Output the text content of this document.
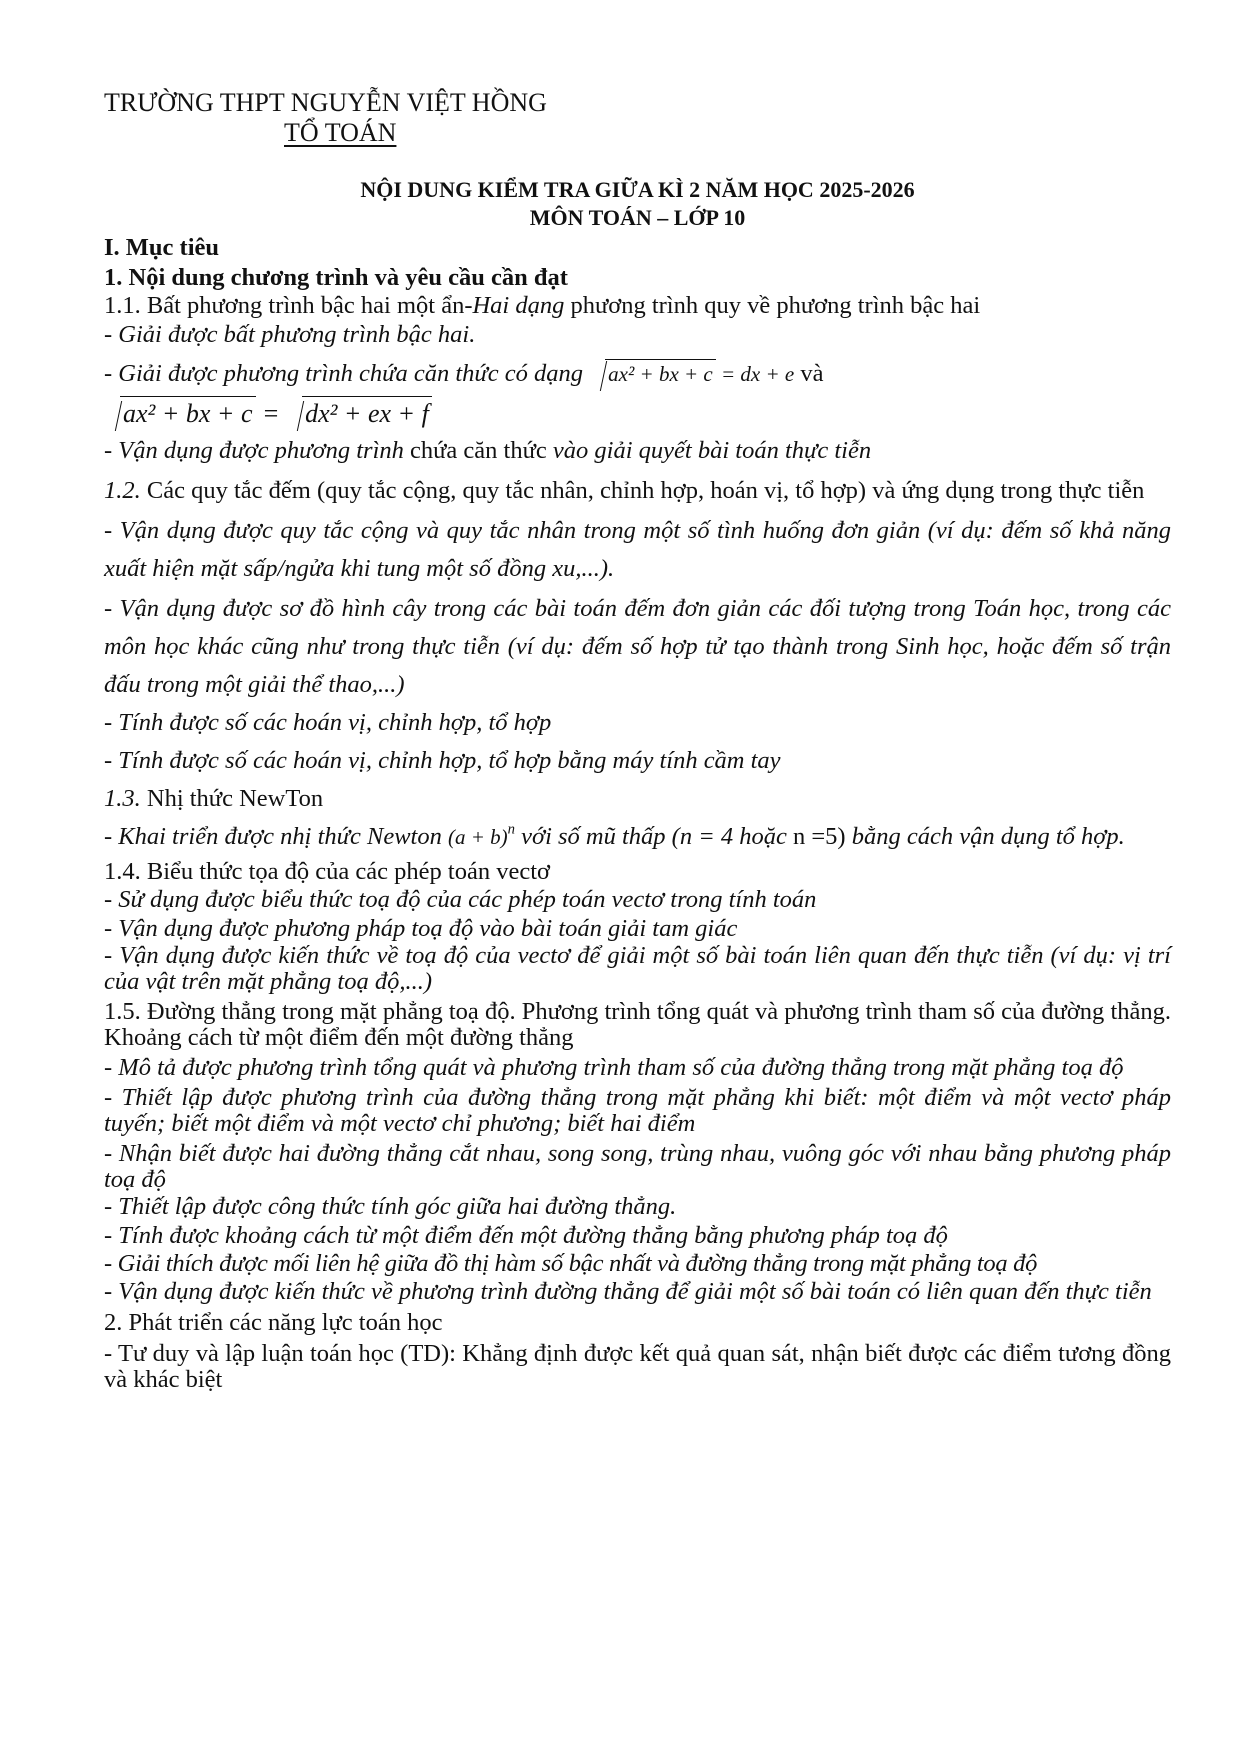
TRƯỜNG THPT NGUYỄN VIỆT HỒNG

TỔ TOÁN

NỘI DUNG KIỂM TRA GIỮA KÌ 2 NĂM HỌC 2025-2026

MÔN TOÁN – LỚP 10

I. Mục tiêu

1. Nội dung chương trình và yêu cầu cần đạt

1.1. Bất phương trình bậc hai một ẩn-Hai dạng phương trình quy về phương trình bậc hai

- Giải được bất phương trình bậc hai.

- Giải được phương trình chứa căn thức có dạng ax² + bx + c = dx + e và

ax² + bx + c = dx² + ex + f

- Vận dụng được phương trình chứa căn thức vào giải quyết bài toán thực tiễn

1.2. Các quy tắc đếm (quy tắc cộng, quy tắc nhân, chỉnh hợp, hoán vị, tổ hợp) và ứng dụng trong thực tiễn

- Vận dụng được quy tắc cộng và quy tắc nhân trong một số tình huống đơn giản (ví dụ: đếm số khả năng xuất hiện mặt sấp/ngửa khi tung một số đồng xu,...).

- Vận dụng được sơ đồ hình cây trong các bài toán đếm đơn giản các đối tượng trong Toán học, trong các môn học khác cũng như trong thực tiễn (ví dụ: đếm số hợp tử tạo thành trong Sinh học, hoặc đếm số trận đấu trong một giải thể thao,...)

- Tính được số các hoán vị, chỉnh hợp, tổ hợp

- Tính được số các hoán vị, chỉnh hợp, tổ hợp bằng máy tính cầm tay

1.3. Nhị thức NewTon

- Khai triển được nhị thức Newton $(a + b)^n$ với số mũ thấp (n = 4 hoặc n =5) bằng cách vận dụng tổ hợp.

1.4. Biểu thức tọa độ của các phép toán vectơ

- Sử dụng được biểu thức toạ độ của các phép toán vectơ trong tính toán

- Vận dụng được phương pháp toạ độ vào bài toán giải tam giác

- Vận dụng được kiến thức về toạ độ của vectơ để giải một số bài toán liên quan đến thực tiễn (ví dụ: vị trí của vật trên mặt phẳng toạ độ,...)

1.5. Đường thẳng trong mặt phẳng toạ độ. Phương trình tổng quát và phương trình tham số của đường thẳng. Khoảng cách từ một điểm đến một đường thẳng

- Mô tả được phương trình tổng quát và phương trình tham số của đường thẳng trong mặt phẳng toạ độ

- Thiết lập được phương trình của đường thẳng trong mặt phẳng khi biết: một điểm và một vectơ pháp tuyến; biết một điểm và một vectơ chỉ phương; biết hai điểm

- Nhận biết được hai đường thẳng cắt nhau, song song, trùng nhau, vuông góc với nhau bằng phương pháp toạ độ

- Thiết lập được công thức tính góc giữa hai đường thẳng.

- Tính được khoảng cách từ một điểm đến một đường thẳng bằng phương pháp toạ độ

- Giải thích được mối liên hệ giữa đồ thị hàm số bậc nhất và đường thẳng trong mặt phẳng toạ độ

- Vận dụng được kiến thức về phương trình đường thẳng để giải một số bài toán có liên quan đến thực tiễn

2. Phát triển các năng lực toán học

- Tư duy và lập luận toán học (TD): Khẳng định được kết quả quan sát, nhận biết được các điểm tương đồng và khác biệt
